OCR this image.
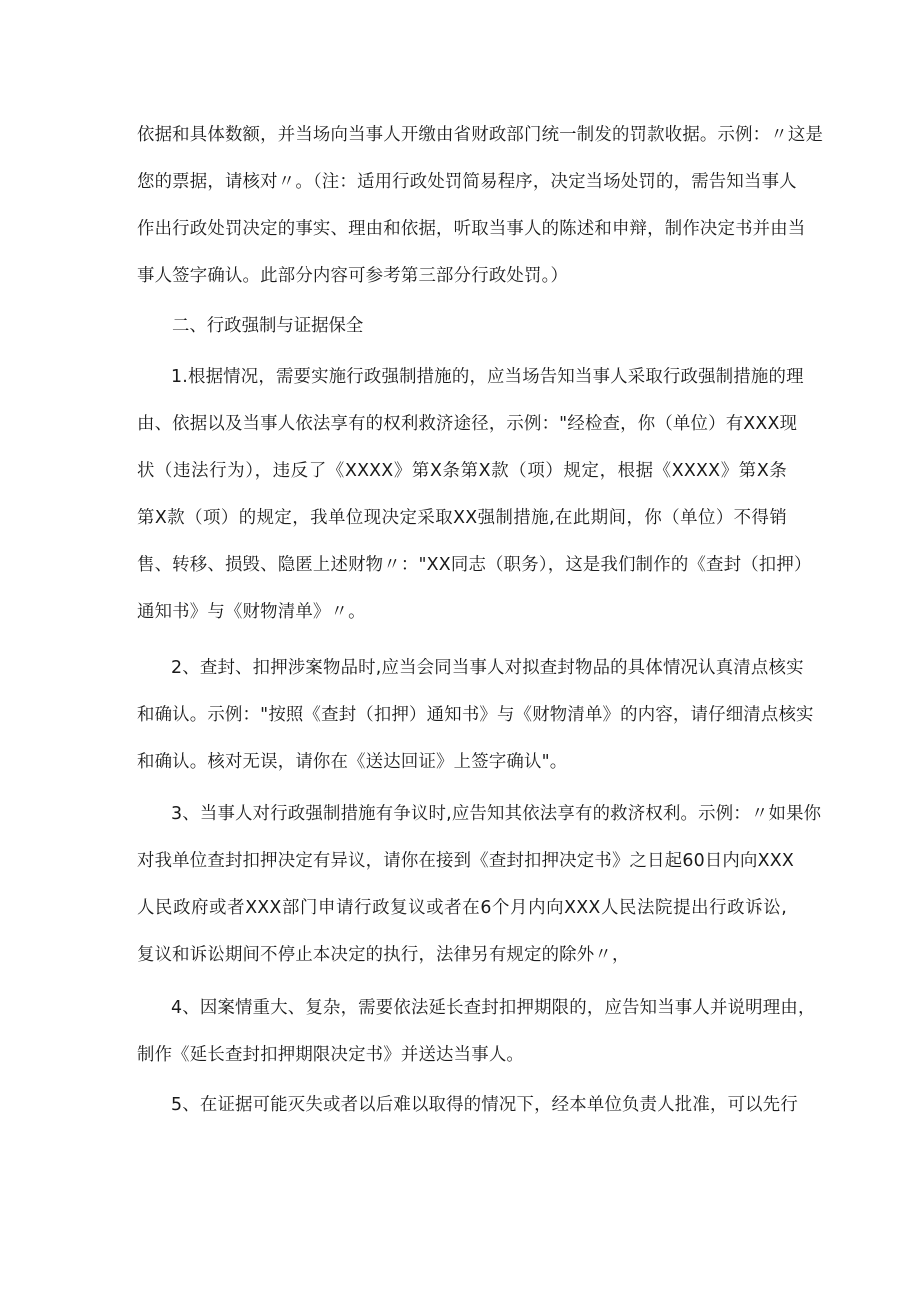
依据和具体数额，并当场向当事人开缴由省财政部门统一制发的罚款收据。示例：〃这是
您的票据，请核对〃。（注：适用行政处罚简易程序，决定当场处罚的，需告知当事人
作出行政处罚决定的事实、理由和依据，听取当事人的陈述和申辩，制作决定书并由当
事人签字确认。此部分内容可参考第三部分行政处罚。）

二、行政强制与证据保全

1.根据情况，需要实施行政强制措施的，应当场告知当事人采取行政强制措施的理
由、依据以及当事人依法享有的权利救济途径，示例："经检查，你（单位）有XXX现
状（违法行为），违反了《XXXX》第X条第X款（项）规定，根据《XXXX》第X条
第X款（项）的规定，我单位现决定采取XX强制措施,在此期间，你（单位）不得销
售、转移、损毁、隐匿上述财物〃："XX同志（职务），这是我们制作的《查封（扣押）
通知书》与《财物清单》〃。

2、查封、扣押涉案物品时,应当会同当事人对拟查封物品的具体情况认真清点核实
和确认。示例："按照《查封（扣押）通知书》与《财物清单》的内容，请仔细清点核实
和确认。核对无误，请你在《送达回证》上签字确认"。

3、当事人对行政强制措施有争议时,应告知其依法享有的救济权利。示例：〃如果你
对我单位查封扣押决定有异议，请你在接到《查封扣押决定书》之日起60日内向XXX
人民政府或者XXX部门申请行政复议或者在6个月内向XXX人民法院提出行政诉讼,
复议和诉讼期间不停止本决定的执行，法律另有规定的除外〃，

4、因案情重大、复杂，需要依法延长查封扣押期限的，应告知当事人并说明理由，
制作《延长查封扣押期限决定书》并送达当事人。

5、在证据可能灭失或者以后难以取得的情况下，经本单位负责人批准，可以先行
